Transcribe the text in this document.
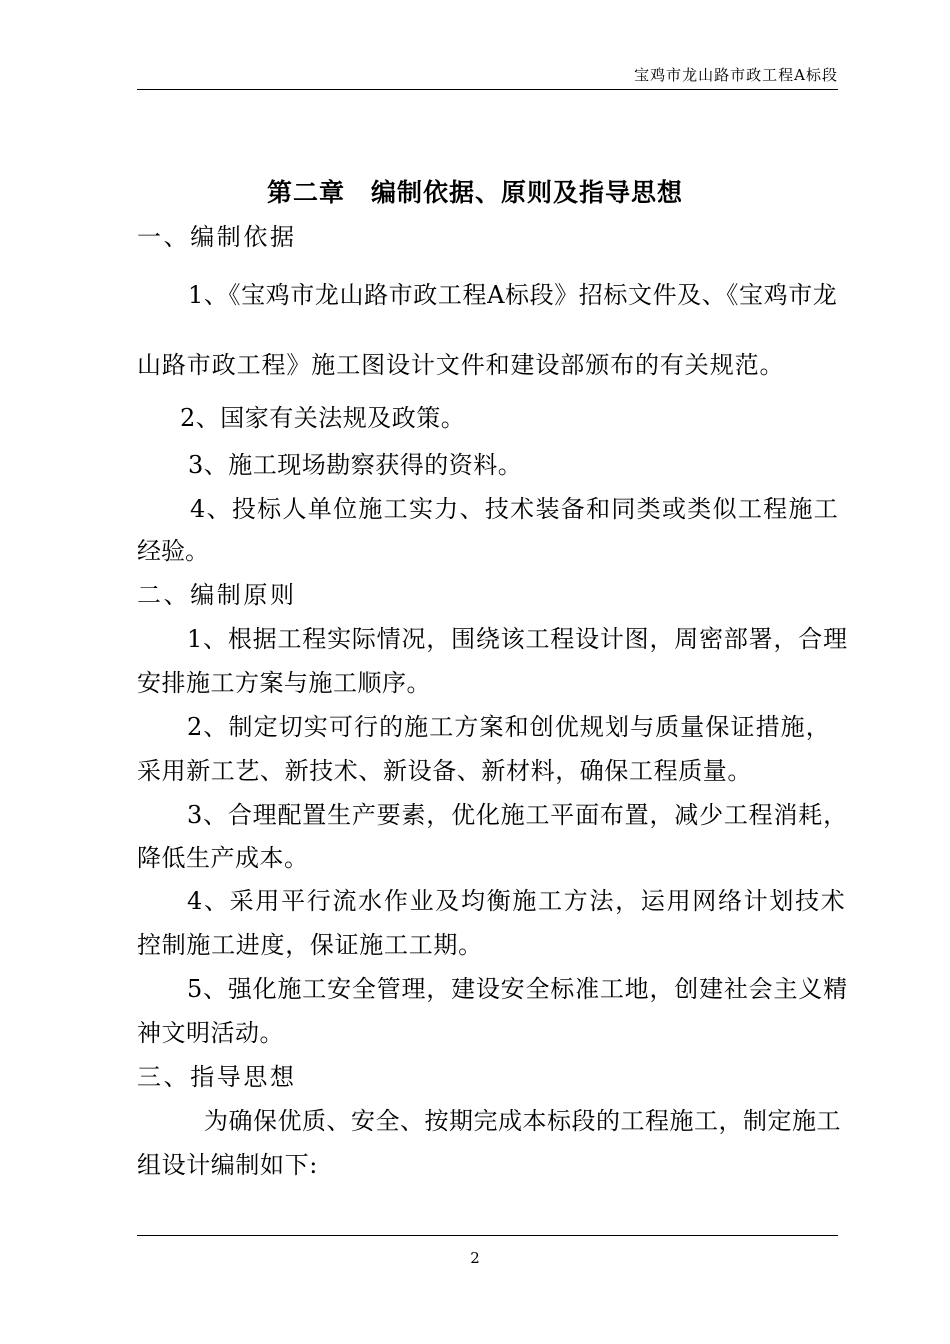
宝鸡市龙山路市政工程A标段
第二章　编制依据、原则及指导思想
一、编制依据
1、《宝鸡市龙山路市政工程A标段》招标文件及、《宝鸡市龙
山路市政工程》施工图设计文件和建设部颁布的有关规范。
2、国家有关法规及政策。
3、施工现场勘察获得的资料。
4、投标人单位施工实力、技术装备和同类或类似工程施工
经验。
二、编制原则
1、根据工程实际情况，围绕该工程设计图，周密部署，合理
安排施工方案与施工顺序。
2、制定切实可行的施工方案和创优规划与质量保证措施，
采用新工艺、新技术、新设备、新材料，确保工程质量。
3、合理配置生产要素，优化施工平面布置，减少工程消耗，
降低生产成本。
4、采用平行流水作业及均衡施工方法，运用网络计划技术
控制施工进度，保证施工工期。
5、强化施工安全管理，建设安全标准工地，创建社会主义精
神文明活动。
三、指导思想
为确保优质、安全、按期完成本标段的工程施工，制定施工
组设计编制如下:
2
